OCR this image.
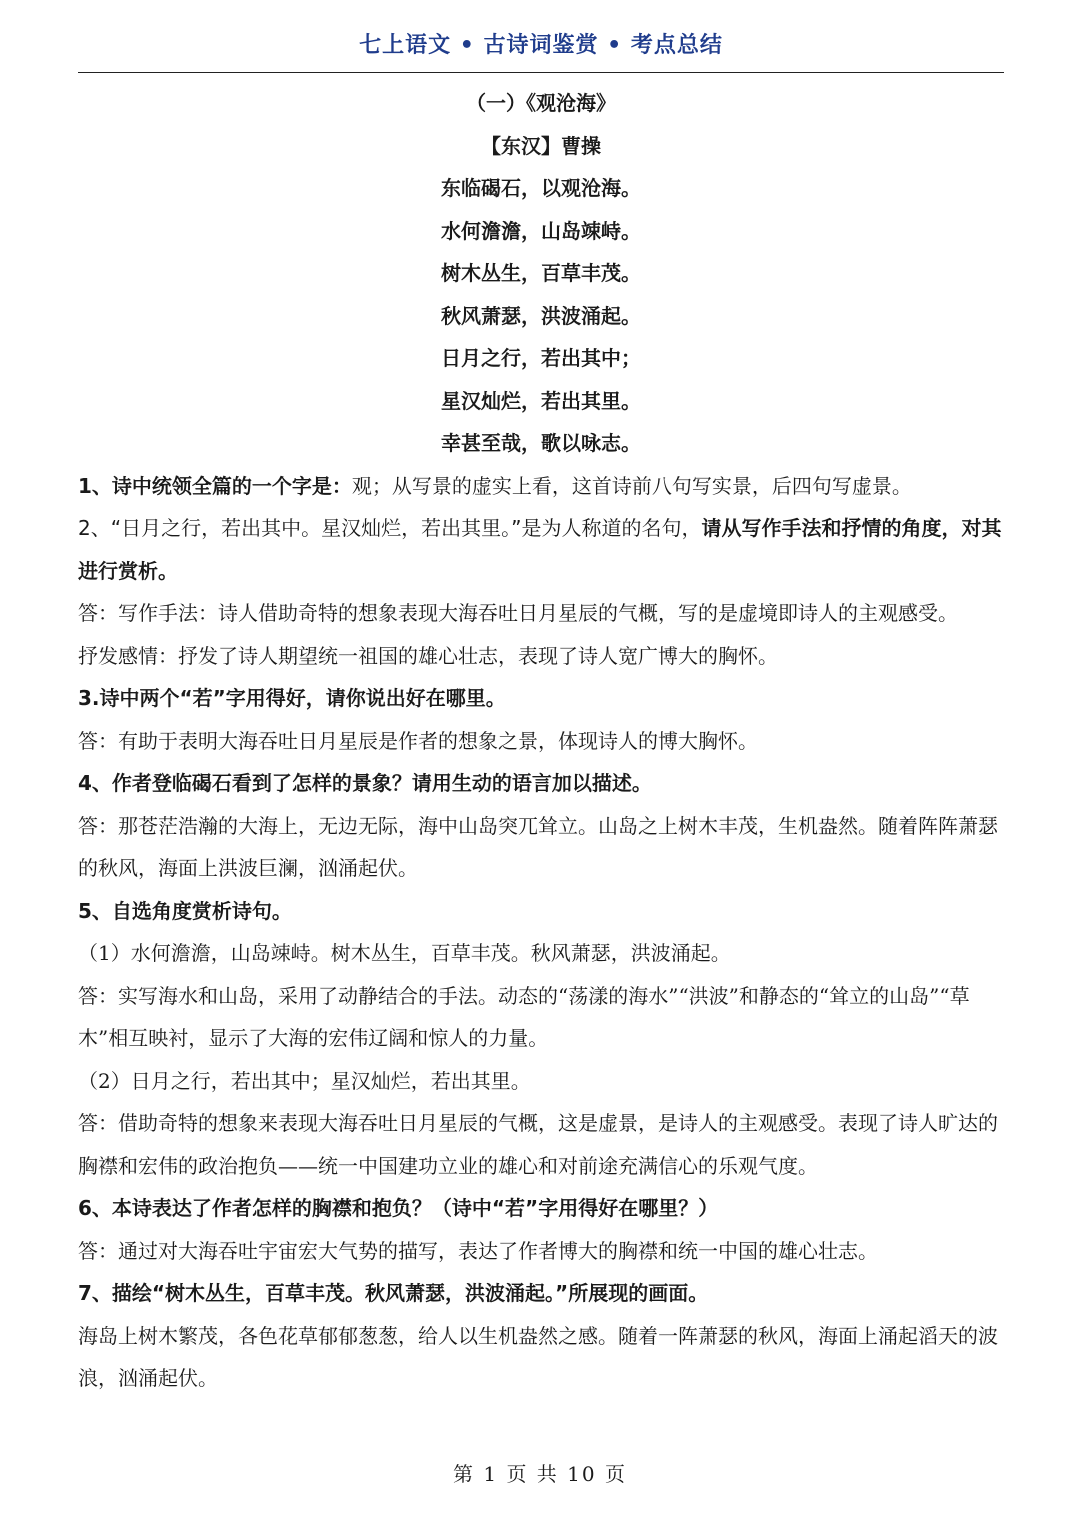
七上语文 • 古诗词鉴赏 • 考点总结
（一）《观沧海》
【东汉】曹操
东临碣石，以观沧海。
水何澹澹，山岛竦峙。
树木丛生，百草丰茂。
秋风萧瑟，洪波涌起。
日月之行，若出其中；
星汉灿烂，若出其里。
幸甚至哉，歌以咏志。
1、诗中统领全篇的一个字是：观；从写景的虚实上看，这首诗前八句写实景，后四句写虚景。
2、“日月之行，若出其中。星汉灿烂，若出其里。”是为人称道的名句，请从写作手法和抒情的角度，对其进行赏析。
答：写作手法：诗人借助奇特的想象表现大海吞吐日月星辰的气概，写的是虚境即诗人的主观感受。
抒发感情：抒发了诗人期望统一祖国的雄心壮志，表现了诗人宽广博大的胸怀。
3.诗中两个“若”字用得好，请你说出好在哪里。
答：有助于表明大海吞吐日月星辰是作者的想象之景，体现诗人的博大胸怀。
4、作者登临碣石看到了怎样的景象？请用生动的语言加以描述。
答：那苍茫浩瀚的大海上，无边无际，海中山岛突兀耸立。山岛之上树木丰茂，生机盎然。随着阵阵萧瑟的秋风，海面上洪波巨澜，汹涌起伏。
5、自选角度赏析诗句。
（1）水何澹澹，山岛竦峙。树木丛生，百草丰茂。秋风萧瑟，洪波涌起。
答：实写海水和山岛，采用了动静结合的手法。动态的“荡漾的海水”“洪波”和静态的“耸立的山岛”“草木”相互映衬，显示了大海的宏伟辽阔和惊人的力量。
（2）日月之行，若出其中；星汉灿烂，若出其里。
答：借助奇特的想象来表现大海吞吐日月星辰的气概，这是虚景，是诗人的主观感受。表现了诗人旷达的胸襟和宏伟的政治抱负——统一中国建功立业的雄心和对前途充满信心的乐观气度。
6、本诗表达了作者怎样的胸襟和抱负？（诗中“若”字用得好在哪里？）
答：通过对大海吞吐宇宙宏大气势的描写，表达了作者博大的胸襟和统一中国的雄心壮志。
7、描绘“树木丛生，百草丰茂。秋风萧瑟，洪波涌起。”所展现的画面。
海岛上树木繁茂，各色花草郁郁葱葱，给人以生机盎然之感。随着一阵萧瑟的秋风，海面上涌起滔天的波浪，汹涌起伏。
第 1 页 共 10 页
